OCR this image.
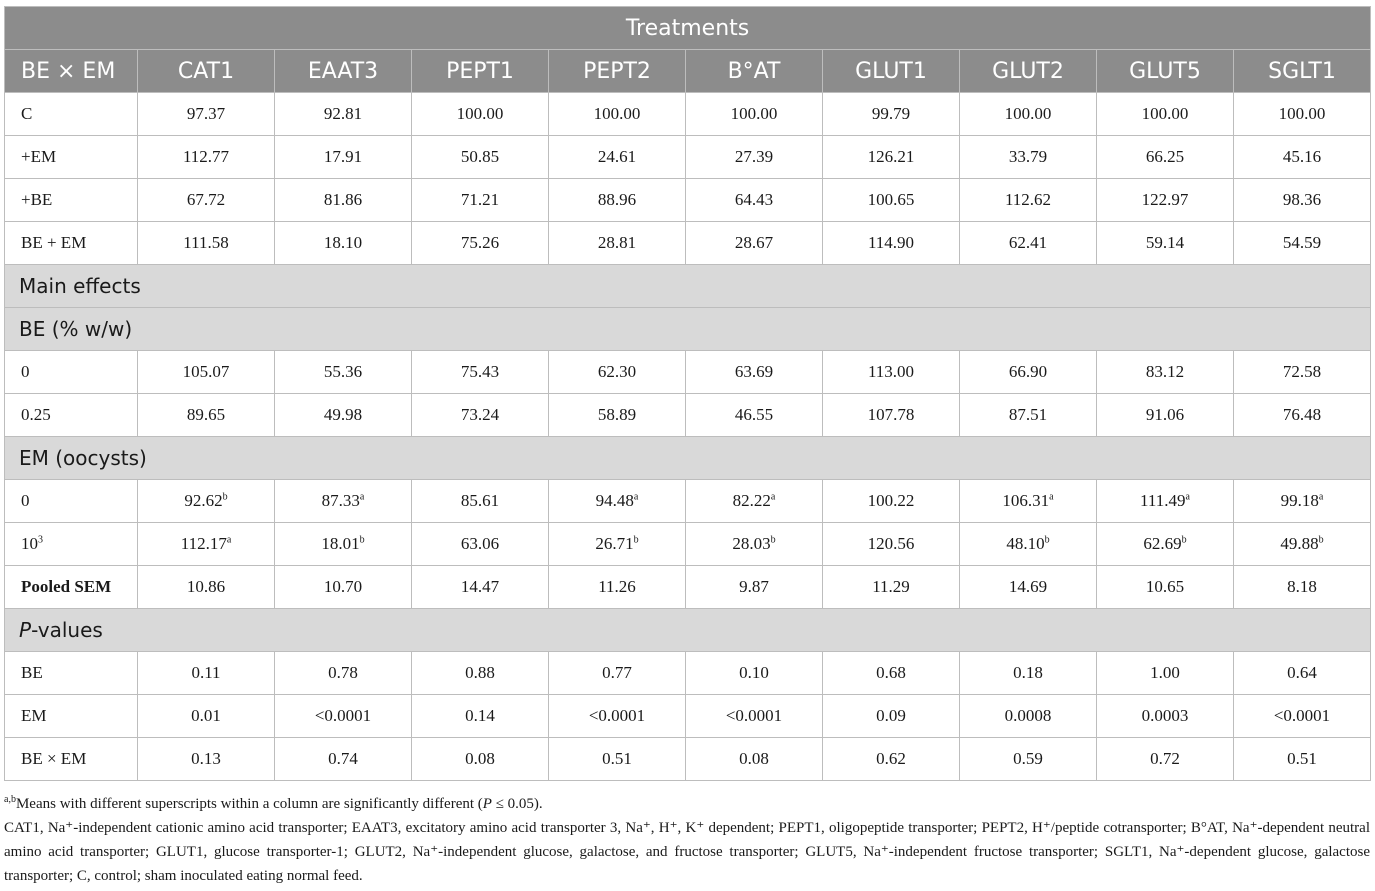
Treatments									
BE × EM	CAT1	EAAT3	PEPT1	PEPT2	B°AT	GLUT1	GLUT2	GLUT5	SGLT1
C	97.37	92.81	100.00	100.00	100.00	99.79	100.00	100.00	100.00
+EM	112.77	17.91	50.85	24.61	27.39	126.21	33.79	66.25	45.16
+BE	67.72	81.86	71.21	88.96	64.43	100.65	112.62	122.97	98.36
BE + EM	111.58	18.10	75.26	28.81	28.67	114.90	62.41	59.14	54.59
Main effects									
BE (% w/w)									
0	105.07	55.36	75.43	62.30	63.69	113.00	66.90	83.12	72.58
0.25	89.65	49.98	73.24	58.89	46.55	107.78	87.51	91.06	76.48
EM (oocysts)									
0	92.62$^b$	87.33$^a$	85.61	94.48$^a$	82.22$^a$	100.22	106.31$^a$	111.49$^a$	99.18$^a$
$10^3$	112.17$^a$	18.01$^b$	63.06	26.71$^b$	28.03$^b$	120.56	48.10$^b$	62.69$^b$	49.88$^b$
Pooled SEM	10.86	10.70	14.47	11.26	9.87	11.29	14.69	10.65	8.18
P-values									
BE	0.11	0.78	0.88	0.77	0.10	0.68	0.18	1.00	0.64
EM	0.01	<0.0001	0.14	<0.0001	<0.0001	0.09	0.0008	0.0003	<0.0001
BE × EM	0.13	0.74	0.08	0.51	0.08	0.62	0.59	0.72	0.51

$^{a,b}$Means with different superscripts within a column are significantly different (P ≤ 0.05).

CAT1, Na⁺-independent cationic amino acid transporter; EAAT3, excitatory amino acid transporter 3, Na⁺, H⁺, K⁺ dependent; PEPT1, oligopeptide transporter; PEPT2, H⁺/peptide cotransporter; B°AT, Na⁺-dependent neutral amino acid transporter; GLUT1, glucose transporter-1; GLUT2, Na⁺-independent glucose, galactose, and fructose transporter; GLUT5, Na⁺-independent fructose transporter; SGLT1, Na⁺-dependent glucose, galactose transporter; C, control; sham inoculated eating normal feed.
